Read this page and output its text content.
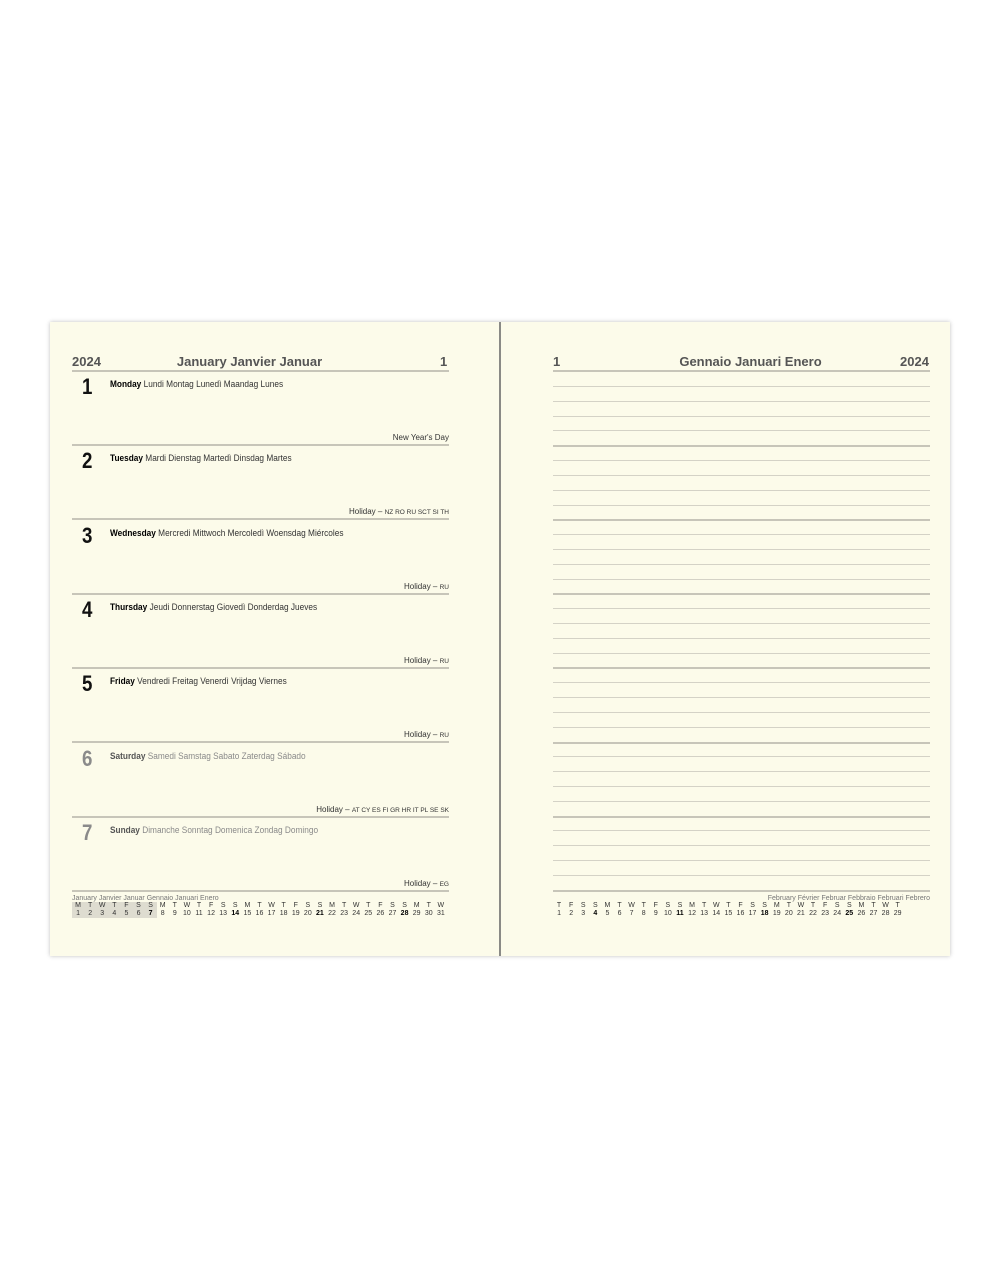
2024	January Janvier Januar	1
1 Monday Lundi Montag Lunedì Maandag Lunes
New Year's Day
2 Tuesday Mardi Dienstag Martedì Dinsdag Martes
Holiday – NZ RO RU SCT SI TH
3 Wednesday Mercredi Mittwoch Mercoledì Woensdag Miércoles
Holiday – RU
4 Thursday Jeudi Donnerstag Giovedì Donderdag Jueves
Holiday – RU
5 Friday Vendredi Freitag Venerdì Vrijdag Viernes
Holiday – RU
6 Saturday Samedi Samstag Sabato Zaterdag Sábado
Holiday – AT CY ES FI GR HR IT PL SE SK
7 Sunday Dimanche Sonntag Domenica Zondag Domingo
Holiday – EG
January Janvier Januar Gennaio Januari Enero
M	T W T	F	S	S M	T W T	F	S	S M	T W T	F	S	S M	T W T	F	S	S M	T W
1	2	3	4	5	6	7	8	9 10 11 12 13 14 15 16 17 18 19 20 21 22 23 24 25 26 27 28 29 30 31
1	Gennaio Januari Enero	2024
February Février Februar Febbraio Februari Febrero
T	F	S	S M	T W T	F	S	S M	T W T	F	S	S M	T W T	F	S	S M	T W T
1	2	3	4	5	6	7	8	9 10 11 12 13 14 15 16 17 18 19 20 21 22 23 24 25 26 27 28 29
